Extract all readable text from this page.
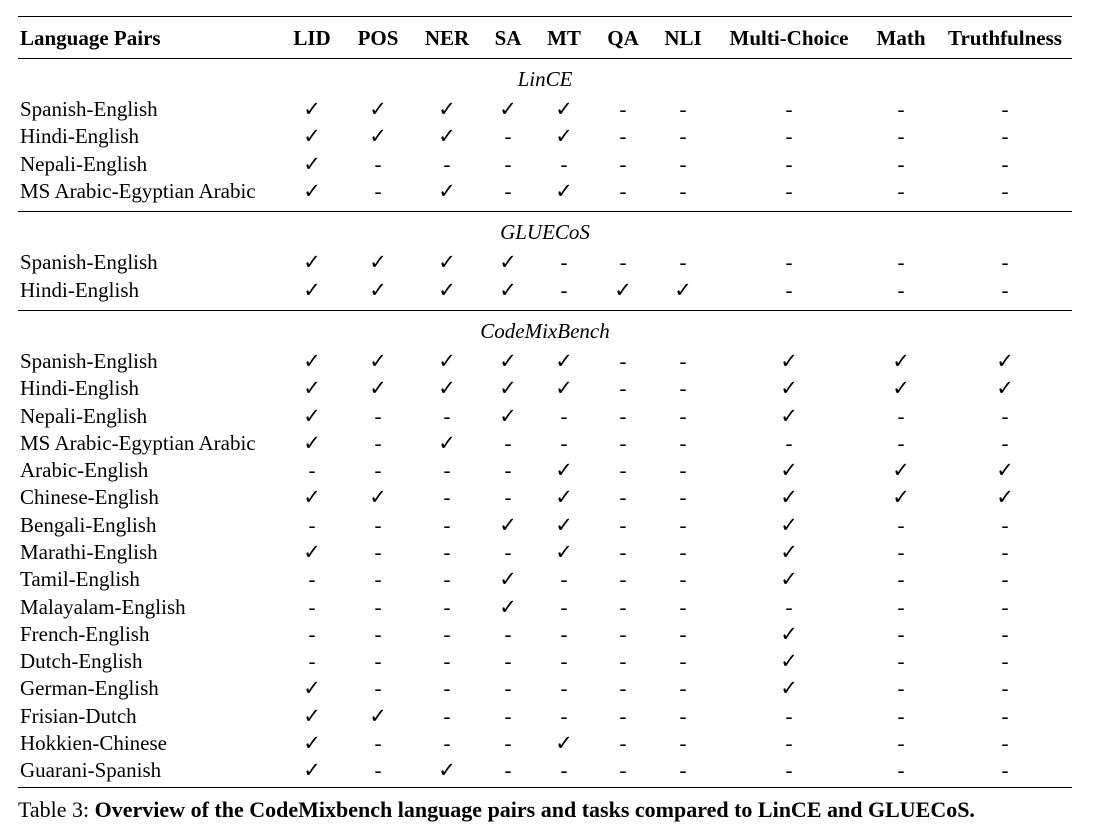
Language Pairs	LID	POS	NER	SA	MT	QA	NLI	Multi-Choice	Math	Truthfulness
LinCE										
Spanish-English	✓	✓	✓	✓	✓	-	-	-	-	-
Hindi-English	✓	✓	✓	-	✓	-	-	-	-	-
Nepali-English	✓	-	-	-	-	-	-	-	-	-
MS Arabic-Egyptian Arabic	✓	-	✓	-	✓	-	-	-	-	-

GLUECoS										
Spanish-English	✓	✓	✓	✓	-	-	-	-	-	-
Hindi-English	✓	✓	✓	✓	-	✓	✓	-	-	-

CodeMixBench										
Spanish-English	✓	✓	✓	✓	✓	-	-	✓	✓	✓
Hindi-English	✓	✓	✓	✓	✓	-	-	✓	✓	✓
Nepali-English	✓	-	-	✓	-	-	-	✓	-	-
MS Arabic-Egyptian Arabic	✓	-	✓	-	-	-	-	-	-	-
Arabic-English	-	-	-	-	✓	-	-	✓	✓	✓
Chinese-English	✓	✓	-	-	✓	-	-	✓	✓	✓
Bengali-English	-	-	-	✓	✓	-	-	✓	-	-
Marathi-English	✓	-	-	-	✓	-	-	✓	-	-
Tamil-English	-	-	-	✓	-	-	-	✓	-	-
Malayalam-English	-	-	-	✓	-	-	-	-	-	-
French-English	-	-	-	-	-	-	-	✓	-	-
Dutch-English	-	-	-	-	-	-	-	✓	-	-
German-English	✓	-	-	-	-	-	-	✓	-	-
Frisian-Dutch	✓	✓	-	-	-	-	-	-	-	-
Hokkien-Chinese	✓	-	-	-	✓	-	-	-	-	-
Guarani-Spanish	✓	-	✓	-	-	-	-	-	-	-
Table 3: Overview of the CodeMixbench language pairs and tasks compared to LinCE and GLUECoS.
